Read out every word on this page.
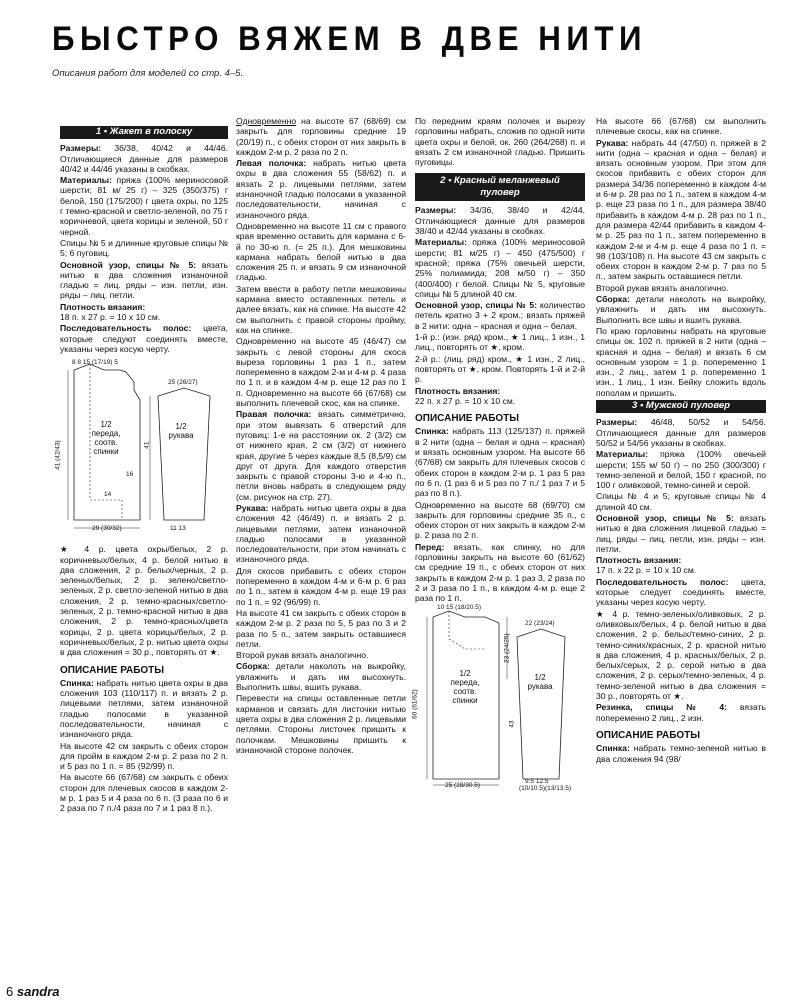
БЫСТРО ВЯЖЕМ В ДВЕ НИТИ
Описания работ для моделей со стр. 4–5.
1 • Жакет в полоску

Размеры: 36/38, 40/42 и 44/46. Отличающиеся данные для размеров 40/42 и 44/46 указаны в скобках.

Материалы: пряжа (100% мериносовой шерсти; 81 м/ 25 г) – 325 (350/375) г белой, 150 (175/200) г цвета охры, по 125 г темно-красной и светло-зеленой, по 75 г коричневой, цвета корицы и зеленой, 50 г черной.

Спицы № 5 и длинные круговые спицы № 5; 6 пуговиц.

Основной узор, спицы № 5: вязать нитью в два сложения изнаночной гладью = лиц. ряды – изн. петли, изн. ряды – лиц. петли.

Плотность вязания:
18 п. х 27 р. = 10 х 10 см.

Последовательность полос: цвета, которые следуют соединять вместе, указаны через косую черту.

8 8 15 (17/19) 5
25 (26/27)
41 (42/43)
16
14
41
29 (30/32)	11 13
1/2 переда, соотв. спинки
1/2 рукава

★ 4 р. цвета охры/белых, 2 р. коричневых/белых, 4 р. белой нитью в два сложения, 2 р. белых/черных, 2 р. зеленых/белых, 2 р. зелено/светло-зеленых, 2 р. светло-зеленой нитью в два сложения, 2 р. темно-красных/светло-зеленых, 2 р. темно-красной нитью в два сложения, 2 р. темно-красных/цвета корицы, 2 р. цвета корицы/белых, 2 р. коричневых/белых, 2 р. нитью цвета охры в два сложения = 30 р., повторять от ★.

ОПИСАНИЕ РАБОТЫ

Спинка: набрать нитью цвета охры в два сложения 103 (110/117) п. и вязать 2 р. лицевыми петлями, затем изнаночной гладью полосами в указанной последовательности, начиная с изнаночного ряда.

На высоте 42 см закрыть с обеих сторон для пройм в каждом 2-м р. 2 раза по 2 п. и 5 раз по 1 п. = 85 (92/99) п.

На высоте 66 (67/68) см закрыть с обеих сторон для плечевых скосов в каждом 2-м р. 1 раз 5 и 4 раза по 6 п. (3 раза по 6 и 2 раза по 7 п./4 раза по 7 и 1 раз 8 п.).

Одновременно на высоте 67 (68/69) см закрыть для горловины средние 19 (20/19) п., с обеих сторон от них закрыть в каждом 2-м р. 2 раза по 2 п.

Левая полочка: набрать нитью цвета охры в два сложения 55 (58/62) п. и вязать 2 р. лицевыми петлями, затем изнаночной гладью полосами в указанной последовательности, начиная с изнаночного ряда.

Одновременно на высоте 11 см с правого края временно оставить для кармана с 6-й по 30-ю п. (= 25 п.). Для мешковины кармана набрать белой нитью в два сложения 25 п. и вязать 9 см изнаночной гладью.

Затем ввести в работу петли мешковины кармана вместо оставленных петель и далее вязать, как на спинке. На высоте 42 см выполнить с правой стороны пройму, как на спинке.

Одновременно на высоте 45 (46/47) см закрыть с левой стороны для скоса выреза горловины 1 раз 1 п., затем попеременно в каждом 2-м и 4-м р. 4 раза по 1 п. и в каждом 4-м р. еще 12 раз по 1 п. Одновременно на высоте 66 (67/68) см выполнить плечевой скос, как на спинке.

Правая полочка: вязать симметрично, при этом вывязать 6 отверстий для пуговиц: 1-е на расстоянии ок. 2 (3/2) см от нижнего края, 2 см (3/2) от нижнего края, другие 5 через каждые 8,5 (8,5/9) см друг от друга. Для каждого отверстия закрыть с правой стороны 3-ю и 4-ю п., петли вновь набрать в следующем ряду (см. рисунок на стр. 27).

Рукава: набрать нитью цвета охры в два сложения 42 (46/49) п. и вязать 2 р. лицевыми петлями, затем изнаночной гладью полосами в указанной последовательности, при этом начинать с изнаночного ряда.

Для скосов прибавить с обеих сторон попеременно в каждом 4-м и 6-м р. 6 раз по 1 п., затем в каждом 4-м р. еще 19 раз по 1 п. = 92 (96/99) п.

На высоте 41 см закрыть с обеих сторон в каждом 2-м р. 2 раза по 5, 5 раз по 3 и 2 раза по 5 п., затем закрыть оставшиеся петли.

Второй рукав вязать аналогично.

Сборка: детали наколоть на выкройку, увлажнить и дать им высохнуть. Выполнить швы, вшить рукава.

Перевести на спицы оставленные петли карманов и связать для листочки нитью цвета охры в два сложения 2 р. лицевыми петлями. Стороны листочек пришить к полочкам. Мешковины пришить к изнаночной стороне полочек.

По передним краям полочек и вырезу горловины набрать, сложив по одной нити цвета охры и белой, ок. 260 (264/268) п. и вязать 2 см изнаночной гладью. Пришить пуговицы.

2 • Красный меланжевый
пуловер

Размеры: 34/36, 38/40 и 42/44. Отличающиеся данные для размеров 38/40 и 42/44 указаны в скобках.

Материалы: пряжа (100% мериносовой шерсти; 81 м/25 г) – 450 (475/500) г красной; пряжа (75% овечьей шерсти, 25% полиамида; 208 м/50 г) – 350 (400/400) г белой. Спицы № 5, круговые спицы № 5 длиной 40 см.

Основной узор, спицы № 5: количество петель кратно 3 + 2 кром.; вязать пряжей в 2 нити: одна – красная и одна – белая.

1-й р.: (изн. ряд) кром., ★ 1 лиц., 1 изн., 1 лиц., повторять от ★, кром.

2-й р.: (лиц. ряд) кром., ★ 1 изн., 2 лиц., повторять от ★, кром. Повторять 1-й и 2-й р.

Плотность вязания:
22 п. х 27 р. = 10 х 10 см.

ОПИСАНИЕ РАБОТЫ

Спинка: набрать 113 (125/137) п. пряжей в 2 нити (одна – белая и одна – красная) и вязать основным узором. На высоте 66 (67/68) см закрыть для плечевых скосов с обеих сторон в каждом 2-м р. 1 раз 5 раз по 6 п. (1 раз 6 и 5 раз по 7 п./ 1 раз 7 и 5 раз по 8 п.).

Одновременно на высоте 68 (69/70) см закрыть для горловины средние 35 п., с обеих сторон от них закрыть в каждом 2-м р. 2 раза по 2 п.

Перед: вязать, как спинку, но для горловины закрыть на высоте 60 (61/62) см средние 19 п., с обеих сторон от них закрыть в каждом 2-м р. 1 раз 3, 2 раза по 2 и 3 раза по 1 п., в каждом 4-м р. еще 2 раза по 1 п.

10 15 (18/20.5)
22 (23/24)
60 (61/62)
23 (24/25)
43
25 (28/30.5)
9.5 12.5
(10/10.5)(13/13.5)
1/2 переда, соотв. спинки
1/2 рукава

На высоте 66 (67/68) см выполнить плечевые скосы, как на спинке.

Рукава: набрать 44 (47/50) п. пряжей в 2 нити (одна – красная и одна – белая) и вязать основным узором. При этом для скосов прибавить с обеих сторон для размера 34/36 попеременно в каждом 4-м и 6-м р. 28 раз по 1 п., затем в каждом 4-м р. еще 23 раза по 1 п., для размера 38/40 прибавить в каждом 4-м р. 28 раз по 1 п., для размера 42/44 прибавить в каждом 4-м р. 25 раз по 1 п., затем попеременно в каждом 2-м и 4-м р. еще 4 раза по 1 п. = 98 (103/108) п. На высоте 43 см закрыть с обеих сторон в каждом 2-м р. 7 раз по 5 п., затем закрыть оставшиеся петли.

Второй рукав вязать аналогично.

Сборка: детали наколоть на выкройку, увлажнить и дать им высохнуть. Выполнить все швы и вшить рукава.

По краю горловины набрать на круговые спицы ок. 102 п. пряжей в 2 нити (одна – красная и одна – белая) и вязать 6 см основным узором = 1 р. попеременно 1 изн., 2 лиц., затем 1 р. попеременно 1 изн., 1 лиц., 1 изн. Бейку сложить вдоль пополам и пришить.

3 • Мужской пуловер

Размеры: 46/48, 50/52 и 54/56. Отличающиеся данные для размеров 50/52 и 54/56 указаны в скобках.

Материалы: пряжа (100% овечьей шерсти; 155 м/ 50 г) – по 250 (300/300) г темно-зеленой и белой, 150 г красной, по 100 г оливковой, темно-синей и серой.

Спицы № 4 и 5; круговые спицы № 4 длиной 40 см.

Основной узор, спицы № 5: вязать нитью в два сложения лицевой гладью = лиц. ряды – лиц. петли, изн. ряды – изн. петли.

Плотность вязания:
17 п. х 22 р. = 10 х 10 см.

Последовательность полос: цвета, которые следует соединять вместе, указаны через косую черту.

★ 4 р. темно-зеленых/оливковых, 2 р. оливковых/белых, 4 р. белой нитью в два сложения, 2 р. белых/темно-синих, 2 р. темно-синих/красных, 2 р. красной нитью в два сложения, 4 р. красных/белых, 2 р. белых/серых, 2 р. серой нитью в два сложения, 2 р. серых/темно-зеленых, 4 р. темно-зеленой нитью в два сложения = 30 р., повторять от ★.

Резинка, спицы № 4: вязать попеременно 2 лиц., 2 изн.

ОПИСАНИЕ РАБОТЫ

Спинка: набрать темно-зеленой нитью в два сложения 94 (98/

6 sandra
